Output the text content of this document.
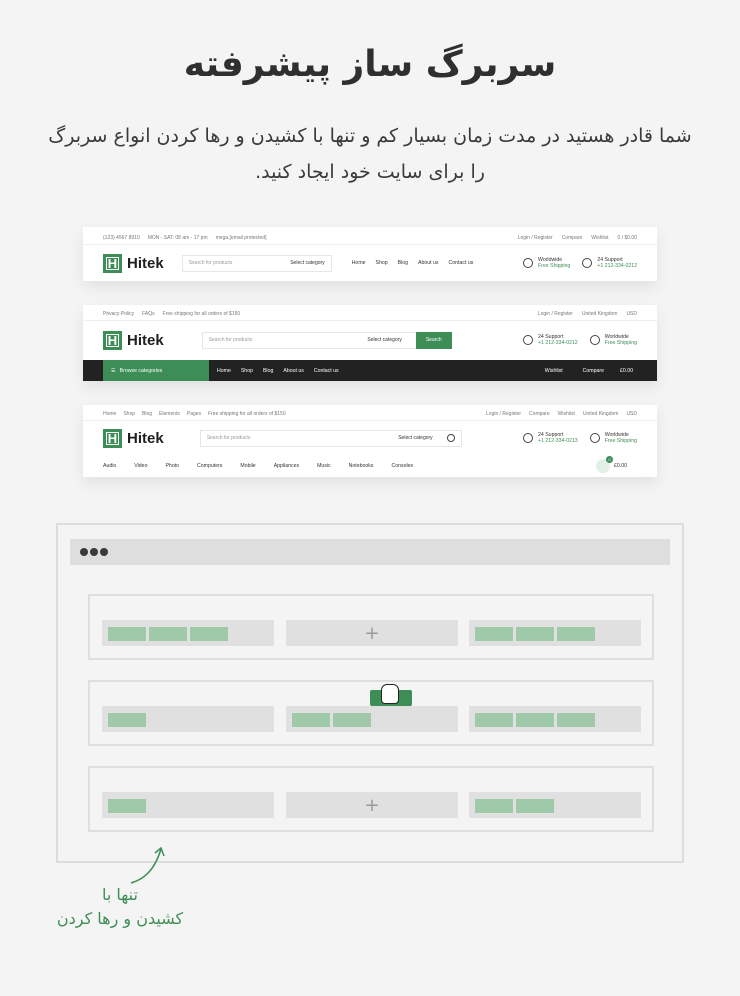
سربرگ ساز پیشرفته
شما قادر هستید در مدت زمان بسیار کم و تنها با کشیدن و رها کردن انواع سربرگ را برای سایت خود ایجاد کنید.
(123) 4567 8910 MON - SAT: 08 am - 17 pm mega.[email protected]	Login / Register Compare Wishlist 0 / $0.00
H Hitek	Search for products	Select category	Home Shop Blog About us Contact us	Worldwide
Free Shipping
24 Support
+1 212-334-0212
Privacy Policy FAQs Free shipping for all orders of $150	Login / Register United Kingdom USD
H Hitek	Search for products	Select category	Search	24 Support
+1 212-334-0212
Worldwide
Free Shipping
☰ Browse categories	Home Shop Blog About us Contact us	Wishlist	Compare	£0.00
Home Shop Blog Elements Pages Free shipping for all orders of $150	Login / Register Compare Wishlist United Kingdom USD
H Hitek	Search for products	Select category	24 Support
+1 212-334-0213
Worldwide
Free Shipping
Audio	Video	Photo	Computers	Mobile	Appliances	Music	Notebooks	Consoles
0
£0.00
+
+
تنها با
کشیدن و رها کردن
